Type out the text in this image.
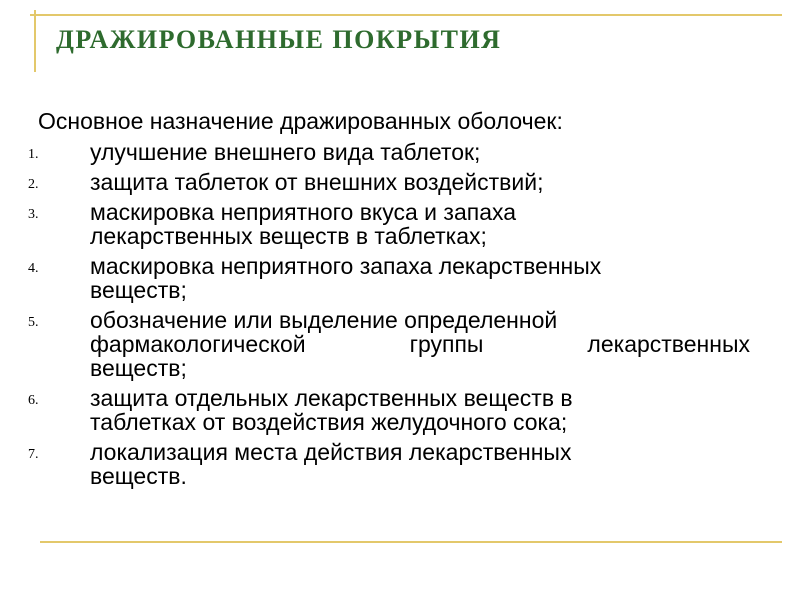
ДРАЖИРОВАННЫЕ ПОКРЫТИЯ

Основное назначение дражированных оболочек:

1. улучшение внешнего вида таблеток;
2. защита таблеток от внешних воздействий;
3. маскировка неприятного вкуса и запаха
лекарственных веществ в таблетках;
4. маскировка неприятного запаха лекарственных
веществ;
5. обозначение или выделение определенной
фармакологической группы лекарственных
веществ;
6. защита отдельных лекарственных веществ в
таблетках от воздействия желудочного сока;
7. локализация места действия лекарственных
веществ.
